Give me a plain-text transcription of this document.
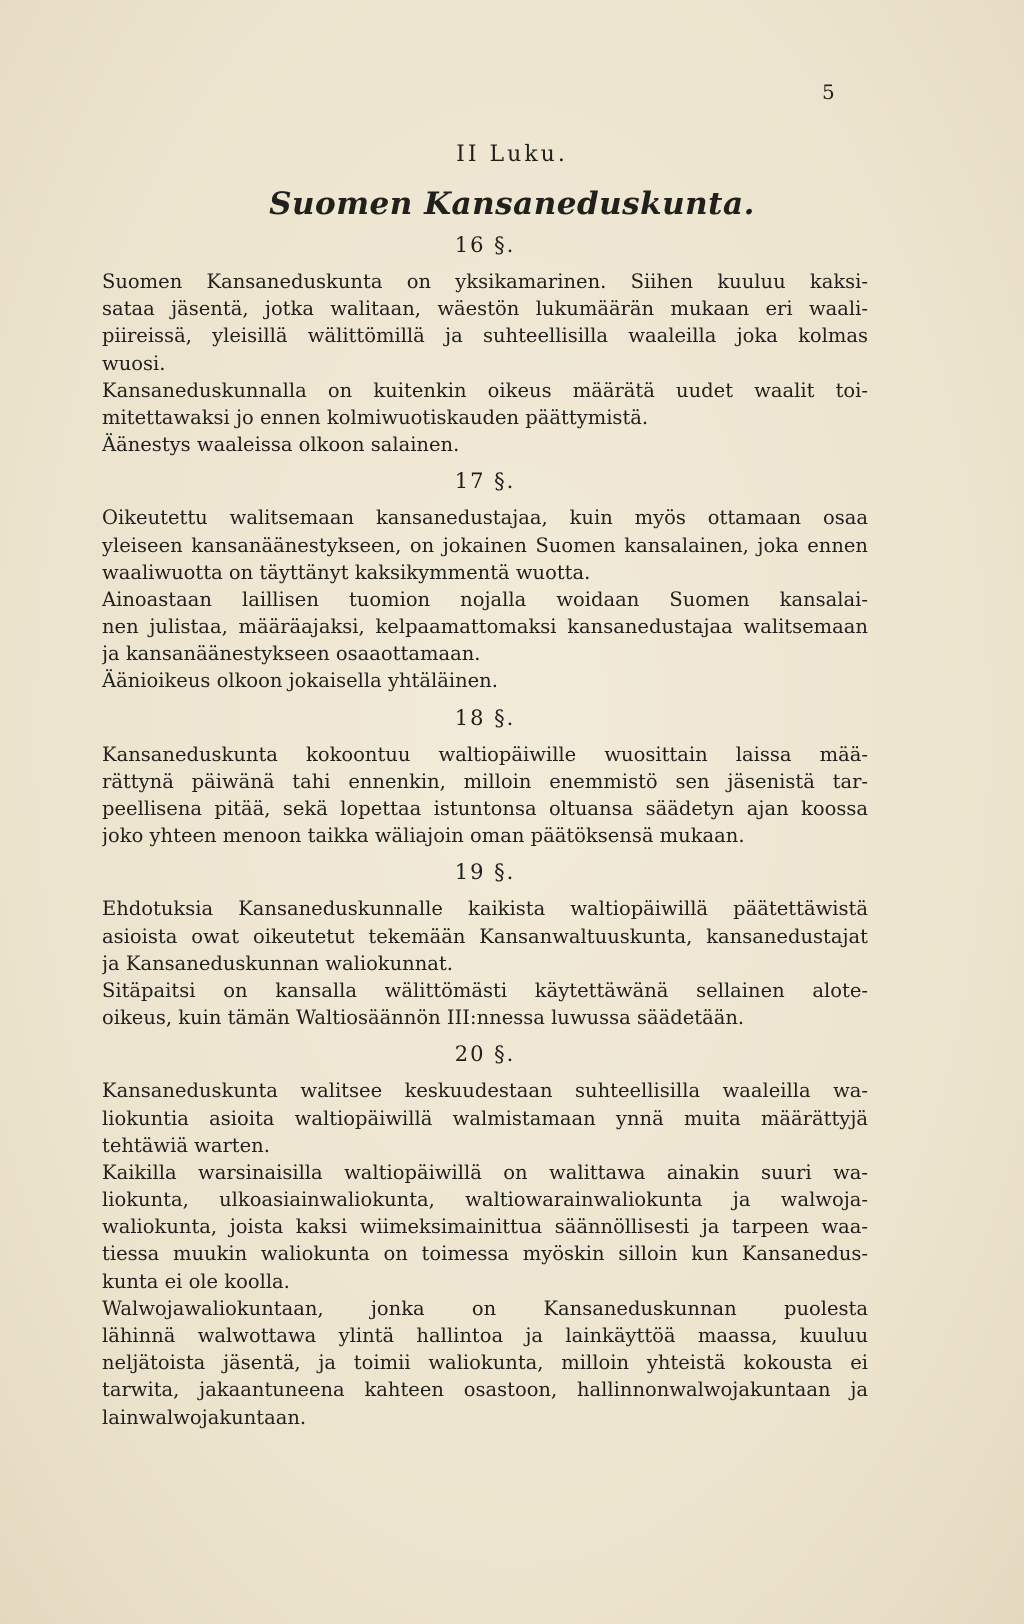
5
II Luku.
Suomen Kansaneduskunta.
16 §.
Suomen Kansaneduskunta on yksikamarinen. Siihen kuuluu kaksi-
sataa jäsentä, jotka walitaan, wäestön lukumäärän mukaan eri waali-
piireissä, yleisillä wälittömillä ja suhteellisilla waaleilla joka kolmas
wuosi.
Kansaneduskunnalla on kuitenkin oikeus määrätä uudet waalit toi-
mitettawaksi jo ennen kolmiwuotiskauden päättymistä.
Äänestys waaleissa olkoon salainen.
17 §.
Oikeutettu walitsemaan kansanedustajaa, kuin myös ottamaan osaa
yleiseen kansanäänestykseen, on jokainen Suomen kansalainen, joka ennen
waaliwuotta on täyttänyt kaksikymmentä wuotta.
Ainoastaan laillisen tuomion nojalla woidaan Suomen kansalai-
nen julistaa, määräajaksi, kelpaamattomaksi kansanedustajaa walitsemaan
ja kansanäänestykseen osaaottamaan.
Äänioikeus olkoon jokaisella yhtäläinen.
18 §.
Kansaneduskunta kokoontuu waltiopäiwille wuosittain laissa mää-
rättynä päiwänä tahi ennenkin, milloin enemmistö sen jäsenistä tar-
peellisena pitää, sekä lopettaa istuntonsa oltuansa säädetyn ajan koossa
joko yhteen menoon taikka wäliajoin oman päätöksensä mukaan.
19 §.
Ehdotuksia Kansaneduskunnalle kaikista waltiopäiwillä päätettäwistä
asioista owat oikeutetut tekemään Kansanwaltuuskunta, kansanedustajat
ja Kansaneduskunnan waliokunnat.
Sitäpaitsi on kansalla wälittömästi käytettäwänä sellainen alote-
oikeus, kuin tämän Waltiosäännön III:nnessa luwussa säädetään.
20 §.
Kansaneduskunta walitsee keskuudestaan suhteellisilla waaleilla wa-
liokuntia asioita waltiopäiwillä walmistamaan ynnä muita määrättyjä
tehtäwiä warten.
Kaikilla warsinaisilla waltiopäiwillä on walittawa ainakin suuri wa-
liokunta, ulkoasiainwaliokunta, waltiowarainwaliokunta ja walwoja-
waliokunta, joista kaksi wiimeksimainittua säännöllisesti ja tarpeen waa-
tiessa muukin waliokunta on toimessa myöskin silloin kun Kansanedus-
kunta ei ole koolla.
Walwojawaliokuntaan, jonka on Kansaneduskunnan puolesta
lähinnä walwottawa ylintä hallintoa ja lainkäyttöä maassa, kuuluu
neljätoista jäsentä, ja toimii waliokunta, milloin yhteistä kokousta ei
tarwita, jakaantuneena kahteen osastoon, hallinnonwalwojakuntaan ja
lainwalwojakuntaan.
